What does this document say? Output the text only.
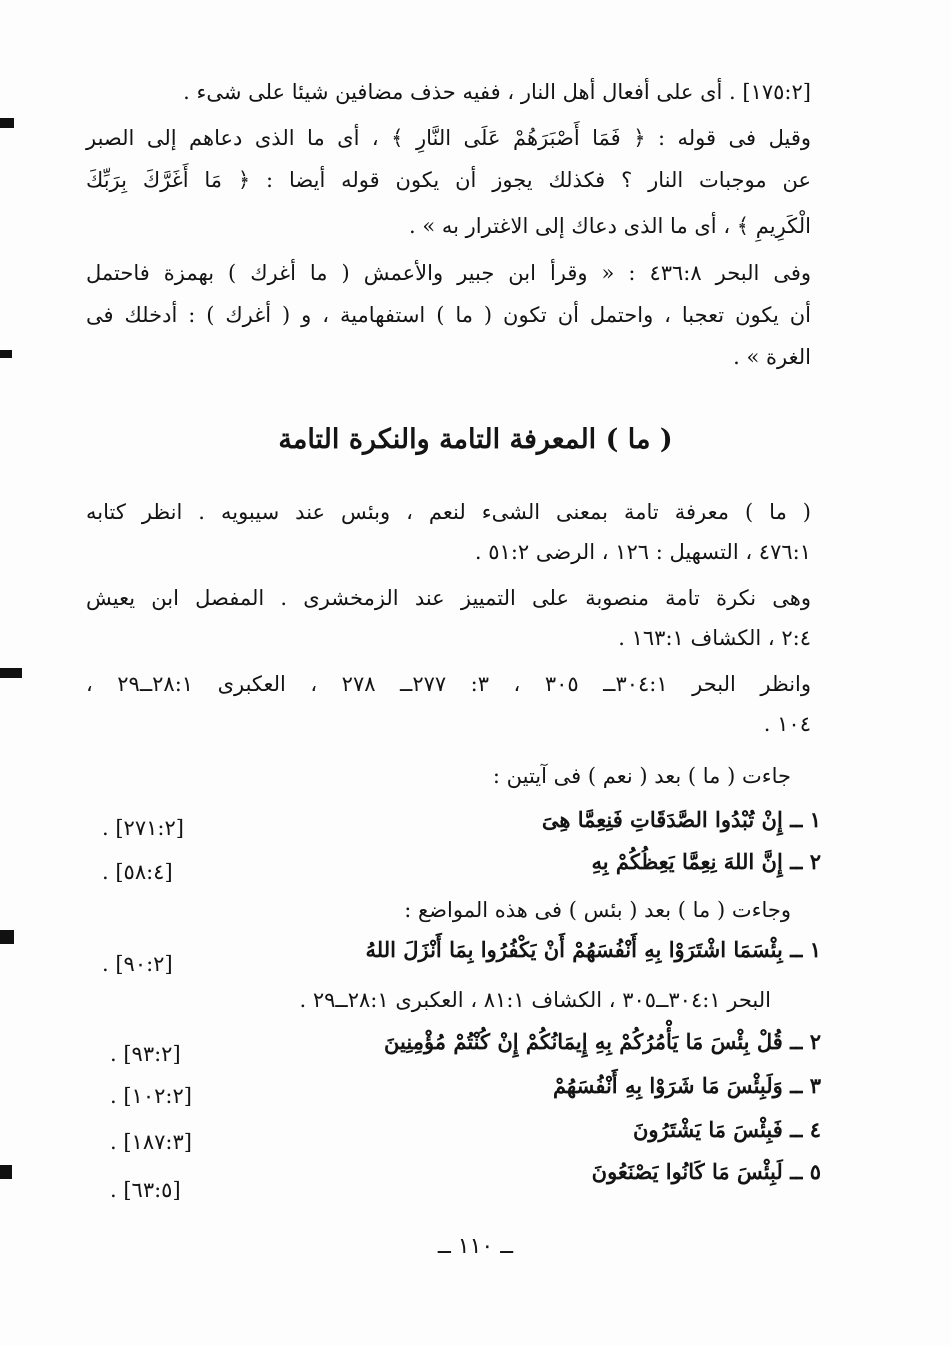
[١٧٥:٢] . أى على أفعال أهل النار ، ففيه حذف مضافين شيئا على شىء .
وقيل فى قوله : ﴿ فَمَا أَصْبَرَهُمْ عَلَى النَّارِ ﴾ ، أى ما الذى دعاهم إلى الصبر
عن موجبات النار ؟ فكذلك يجوز أن يكون قوله أيضا : ﴿ مَا أَغَرَّكَ بِرَبِّكَ
الْكَرِيمِ ﴾ ، أى ما الذى دعاك إلى الاغترار به » .
وفى البحر ٤٣٦:٨ : « وقرأ ابن جبير والأعمش ( ما أغرك ) بهمزة فاحتمل
أن يكون تعجبا ، واحتمل أن تكون ( ما ) استفهامية ، و ( أغرك ) : أدخلك فى
الغرة » .
( ما ) المعرفة التامة والنكرة التامة
( ما ) معرفة تامة بمعنى الشىء لنعم ، وبئس عند سيبويه . انظر كتابه
٤٧٦:١ ، التسهيل : ١٢٦ ، الرضى ٥١:٢ .
وهى نكرة تامة منصوبة على التمييز عند الزمخشرى . المفصل ابن يعيش
٢:٤ ، الكشاف ١٦٣:١ .
وانظر البحر ٣٠٤:١ــ ٣٠٥ ، ٣: ٢٧٧ــ ٢٧٨ ، العكبرى ٢٨:١ــ٢٩ ،
١٠٤ .
جاءت ( ما ) بعد ( نعم ) فى آيتين :
١ ــ إِنْ تُبْدُوا الصَّدَقَاتِ فَنِعِمَّا هِىَ
. [٢٧١:٢]
٢ ــ إِنَّ اللهَ نِعِمَّا يَعِظُكُمْ بِهِ
. [٥٨:٤]
وجاءت ( ما ) بعد ( بئس ) فى هذه المواضع :
١ ــ بِئْسَمَا اشْتَرَوْا بِهِ أَنْفُسَهُمْ أَنْ يَكْفُرُوا بِمَا أَنْزَلَ اللهُ
. [٩٠:٢]
البحر ٣٠٤:١ــ٣٠٥ ، الكشاف ٨١:١ ، العكبرى ٢٨:١ــ٢٩ .
٢ ــ قُلْ بِئْسَ مَا يَأْمُرُكُمْ بِهِ إِيمَانُكُمْ إِنْ كُنْتُمْ مُؤْمِنِينَ
. [٩٣:٢]
٣ ــ وَلَبِئْسَ مَا شَرَوْا بِهِ أَنْفُسَهُمْ
. [١٠٢:٢]
٤ ــ فَبِئْسَ مَا يَشْتَرُونَ
. [١٨٧:٣]
٥ ــ لَبِئْسَ مَا كَانُوا يَصْنَعُونَ
. [٦٣:٥]
ــ ١١٠ ــ
